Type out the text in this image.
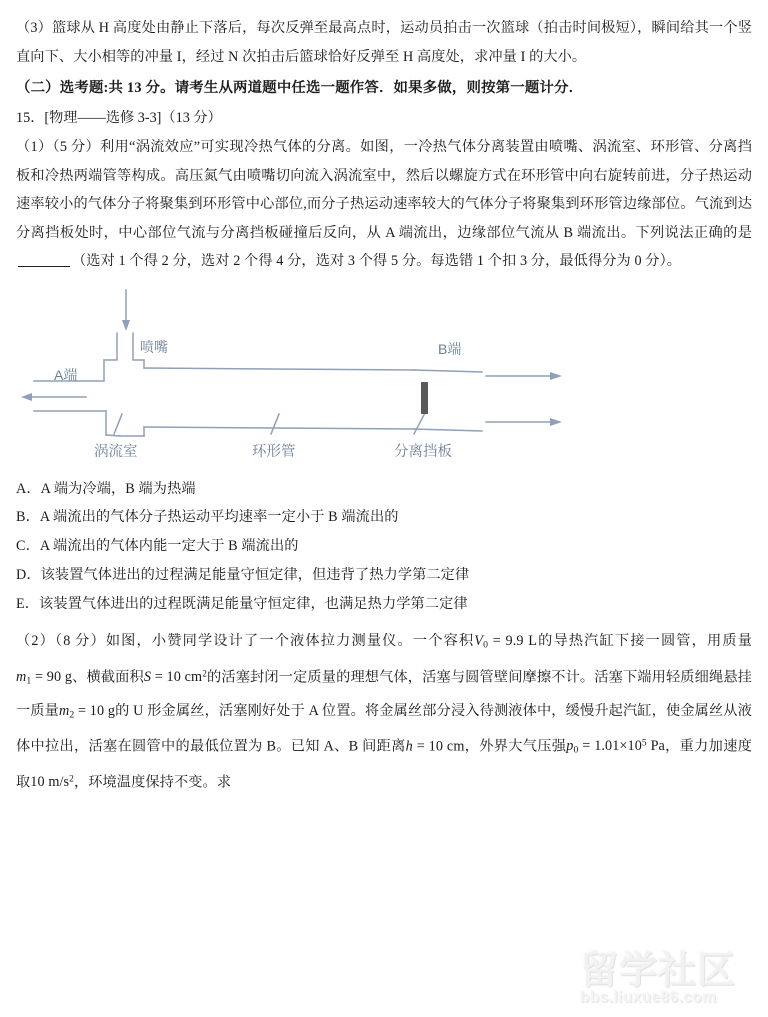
（3）篮球从 H 高度处由静止下落后，每次反弹至最高点时，运动员拍击一次篮球（拍击时间极短），瞬间给其一个竖直向下、大小相等的冲量 I，经过 N 次拍击后篮球恰好反弹至 H 高度处，求冲量 I 的大小。

（二）选考题:共 13 分。请考生从两道题中任选一题作答．如果多做，则按第一题计分．

15．[物理——选修 3-3]（13 分）

（1）（5 分）利用“涡流效应”可实现冷热气体的分离。如图，一冷热气体分离装置由喷嘴、涡流室、环形管、分离挡板和冷热两端管等构成。高压氮气由喷嘴切向流入涡流室中，然后以螺旋方式在环形管中向右旋转前进，分子热运动速率较小的气体分子将聚集到环形管中心部位,而分子热运动速率较大的气体分子将聚集到环形管边缘部位。气流到达分离挡板处时，中心部位气流与分离挡板碰撞后反向，从 A 端流出，边缘部位气流从 B 端流出。下列说法正确的是（选对 1 个得 2 分，选对 2 个得 4 分，选对 3 个得 5 分。每选错 1 个扣 3 分，最低得分为 0 分）。

喷嘴
A端
B端
涡流室	环形管	分离挡板

A．A 端为冷端，B 端为热端

B．A 端流出的气体分子热运动平均速率一定小于 B 端流出的

C．A 端流出的气体内能一定大于 B 端流出的

D．该装置气体进出的过程满足能量守恒定律，但违背了热力学第二定律

E．该装置气体进出的过程既满足能量守恒定律，也满足热力学第二定律

（2）（8 分）如图，小赞同学设计了一个液体拉力测量仪。一个容积$V_0 = 9.9$ L的导热汽缸下接一圆管，用质量$m_1 = 90$ g、横截面积S = 10 $cm^2$的活塞封闭一定质量的理想气体，活塞与圆管壁间摩擦不计。活塞下端用轻质细绳悬挂一质量$m_2 = 10$ g的 U 形金属丝，活塞刚好处于 A 位置。将金属丝部分浸入待测液体中，缓慢升起汽缸，使金属丝从液体中拉出，活塞在圆管中的最低位置为 B。已知 A、B 间距离h = 10 cm，外界大气压强$p_0 = 1.01\times 10^5$ Pa，重力加速度取10 $m/s^2$，环境温度保持不变。求

留学社区
bbs.liuxue86.com
